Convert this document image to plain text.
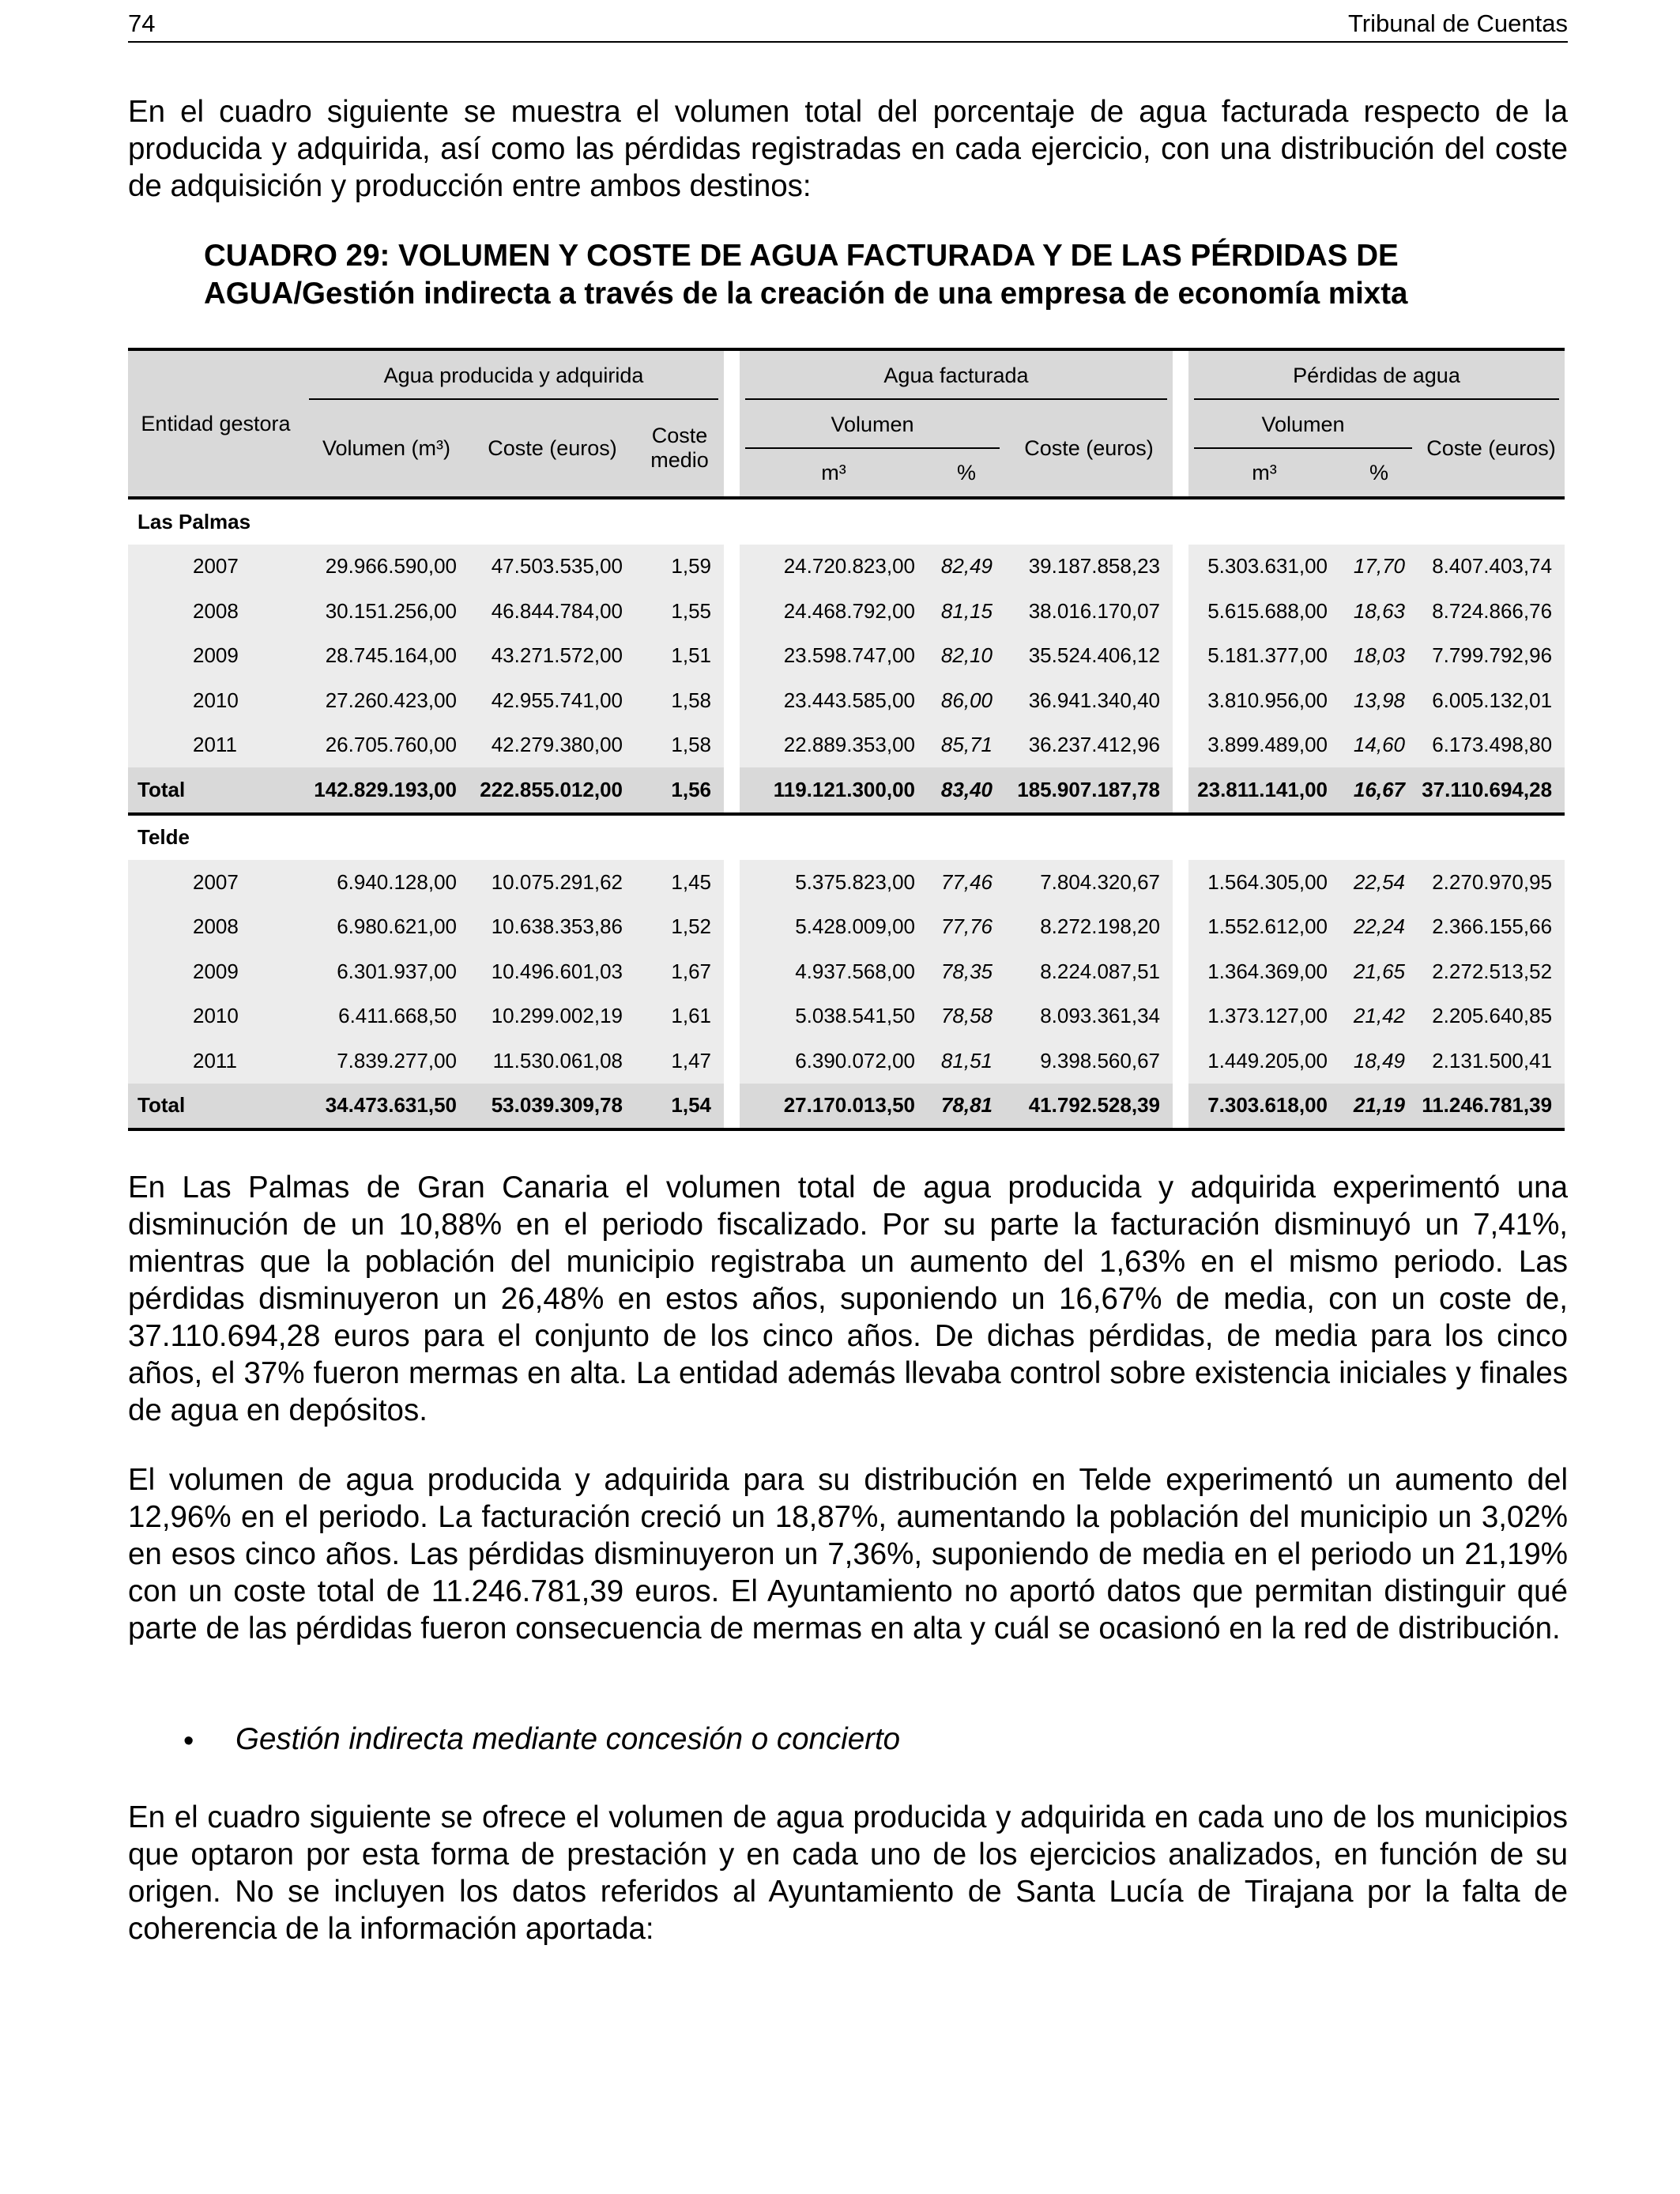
74	Tribunal de Cuentas
En el cuadro siguiente se muestra el volumen total del porcentaje de agua facturada respecto de la producida y adquirida, así como las pérdidas registradas en cada ejercicio, con una distribución del coste de adquisición y producción entre ambos destinos:
CUADRO 29: VOLUMEN Y COSTE DE AGUA FACTURADA Y DE LAS PÉRDIDAS DE
AGUA/Gestión indirecta a través de la creación de una empresa de economía mixta
Entidad gestora	Agua producida y adquirida				Agua facturada				Pérdidas de agua		
	Volumen (m³)	Coste (euros)	Coste medio		Volumen		Coste (euros)		Volumen		Coste (euros)
					m³	%			m³	%	
Las Palmas											
2007	29.966.590,00	47.503.535,00	1,59		24.720.823,00	82,49	39.187.858,23		5.303.631,00	17,70	8.407.403,74
2008	30.151.256,00	46.844.784,00	1,55		24.468.792,00	81,15	38.016.170,07		5.615.688,00	18,63	8.724.866,76
2009	28.745.164,00	43.271.572,00	1,51		23.598.747,00	82,10	35.524.406,12		5.181.377,00	18,03	7.799.792,96
2010	27.260.423,00	42.955.741,00	1,58		23.443.585,00	86,00	36.941.340,40		3.810.956,00	13,98	6.005.132,01
2011	26.705.760,00	42.279.380,00	1,58		22.889.353,00	85,71	36.237.412,96		3.899.489,00	14,60	6.173.498,80
Total	142.829.193,00	222.855.012,00	1,56		119.121.300,00	83,40	185.907.187,78		23.811.141,00	16,67	37.110.694,28
Telde											
2007	6.940.128,00	10.075.291,62	1,45		5.375.823,00	77,46	7.804.320,67		1.564.305,00	22,54	2.270.970,95
2008	6.980.621,00	10.638.353,86	1,52		5.428.009,00	77,76	8.272.198,20		1.552.612,00	22,24	2.366.155,66
2009	6.301.937,00	10.496.601,03	1,67		4.937.568,00	78,35	8.224.087,51		1.364.369,00	21,65	2.272.513,52
2010	6.411.668,50	10.299.002,19	1,61		5.038.541,50	78,58	8.093.361,34		1.373.127,00	21,42	2.205.640,85
2011	7.839.277,00	11.530.061,08	1,47		6.390.072,00	81,51	9.398.560,67		1.449.205,00	18,49	2.131.500,41
Total	34.473.631,50	53.039.309,78	1,54		27.170.013,50	78,81	41.792.528,39		7.303.618,00	21,19	11.246.781,39
En Las Palmas de Gran Canaria el volumen total de agua producida y adquirida experimentó una disminución de un 10,88% en el periodo fiscalizado. Por su parte la facturación disminuyó un 7,41%, mientras que la población del municipio registraba un aumento del 1,63% en el mismo periodo. Las pérdidas disminuyeron un 26,48% en estos años, suponiendo un 16,67% de media, con un coste de, 37.110.694,28 euros para el conjunto de los cinco años. De dichas pérdidas, de media para los cinco años, el 37% fueron mermas en alta. La entidad además llevaba control sobre existencia iniciales y finales de agua en depósitos.
El volumen de agua producida y adquirida para su distribución en Telde experimentó un aumento del 12,96% en el periodo. La facturación creció un 18,87%, aumentando la población del municipio un 3,02% en esos cinco años. Las pérdidas disminuyeron un 7,36%, suponiendo de media en el periodo un 21,19% con un coste total de 11.246.781,39 euros. El Ayuntamiento no aportó datos que permitan distinguir qué parte de las pérdidas fueron consecuencia de mermas en alta y cuál se ocasionó en la red de distribución.
• Gestión indirecta mediante concesión o concierto
En el cuadro siguiente se ofrece el volumen de agua producida y adquirida en cada uno de los municipios que optaron por esta forma de prestación y en cada uno de los ejercicios analizados, en función de su origen. No se incluyen los datos referidos al Ayuntamiento de Santa Lucía de Tirajana por la falta de coherencia de la información aportada:
